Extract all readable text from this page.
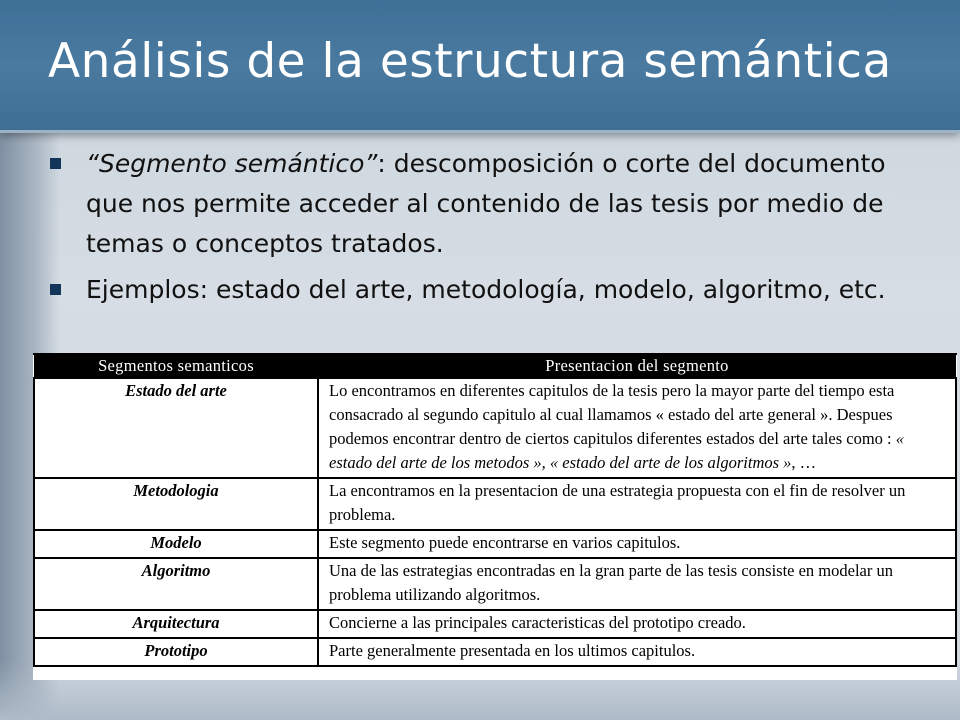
Análisis de la estructura semántica
“Segmento semántico”: descomposición o corte del documento que nos permite acceder al contenido de las tesis por medio de temas o conceptos tratados.
Ejemplos: estado del arte, metodología, modelo, algoritmo, etc.
Segmentos semanticos	Presentacion del segmento
Estado del arte	Lo encontramos en diferentes capitulos de la tesis pero la mayor parte del tiempo esta consacrado al segundo capitulo al cual llamamos « estado del arte general ». Despues podemos encontrar dentro de ciertos capitulos diferentes estados del arte tales como : « estado del arte de los metodos », « estado del arte de los algoritmos », …
Metodologia	La encontramos en la presentacion de una estrategia propuesta con el fin de resolver un problema.
Modelo	Este segmento puede encontrarse en varios capitulos.
Algoritmo	Una de las estrategias encontradas en la gran parte de las tesis consiste en modelar un problema utilizando algoritmos.
Arquitectura	Concierne a las principales caracteristicas del prototipo creado.
Prototipo	Parte generalmente presentada en los ultimos capitulos.
